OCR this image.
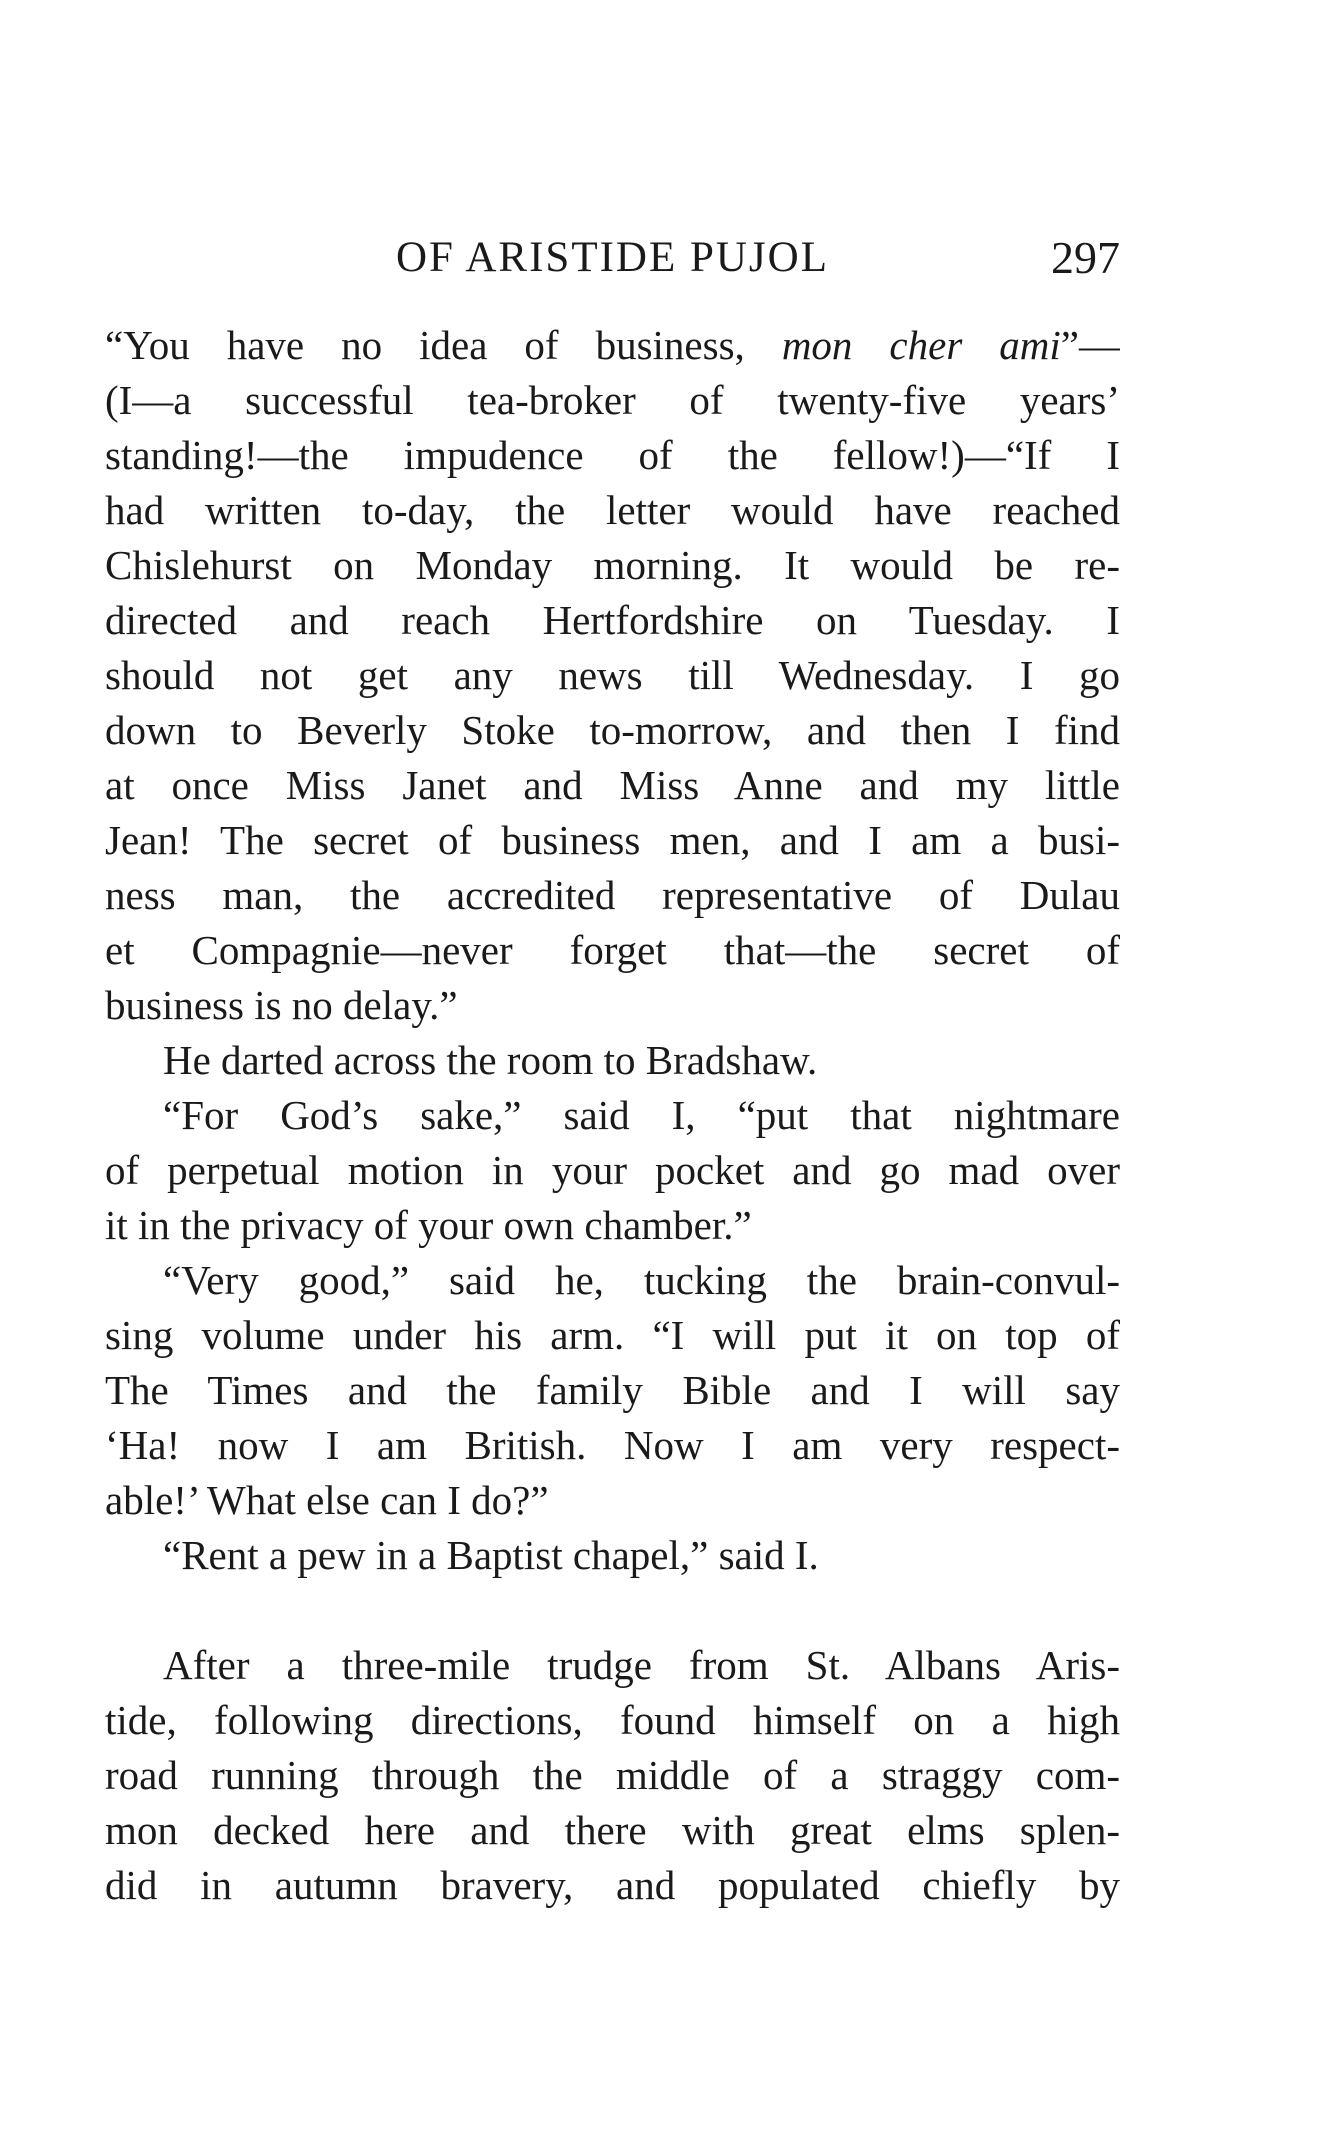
OF ARISTIDE PUJOL	297
“You have no idea of business, mon cher ami”—
(I—a successful tea-broker of twenty-five years’
standing!—the impudence of the fellow!)—“If I
had written to-day, the letter would have reached
Chislehurst on Monday morning. It would be re-
directed and reach Hertfordshire on Tuesday. I
should not get any news till Wednesday. I go
down to Beverly Stoke to-morrow, and then I find
at once Miss Janet and Miss Anne and my little
Jean! The secret of business men, and I am a busi-
ness man, the accredited representative of Dulau
et Compagnie—never forget that—the secret of
business is no delay.”
He darted across the room to Bradshaw.
“For God’s sake,” said I, “put that nightmare
of perpetual motion in your pocket and go mad over
it in the privacy of your own chamber.”
“Very good,” said he, tucking the brain-convul-
sing volume under his arm. “I will put it on top of
The Times and the family Bible and I will say
‘Ha! now I am British. Now I am very respect-
able!’ What else can I do?”
“Rent a pew in a Baptist chapel,” said I.
After a three-mile trudge from St. Albans Aris-
tide, following directions, found himself on a high
road running through the middle of a straggy com-
mon decked here and there with great elms splen-
did in autumn bravery, and populated chiefly by
